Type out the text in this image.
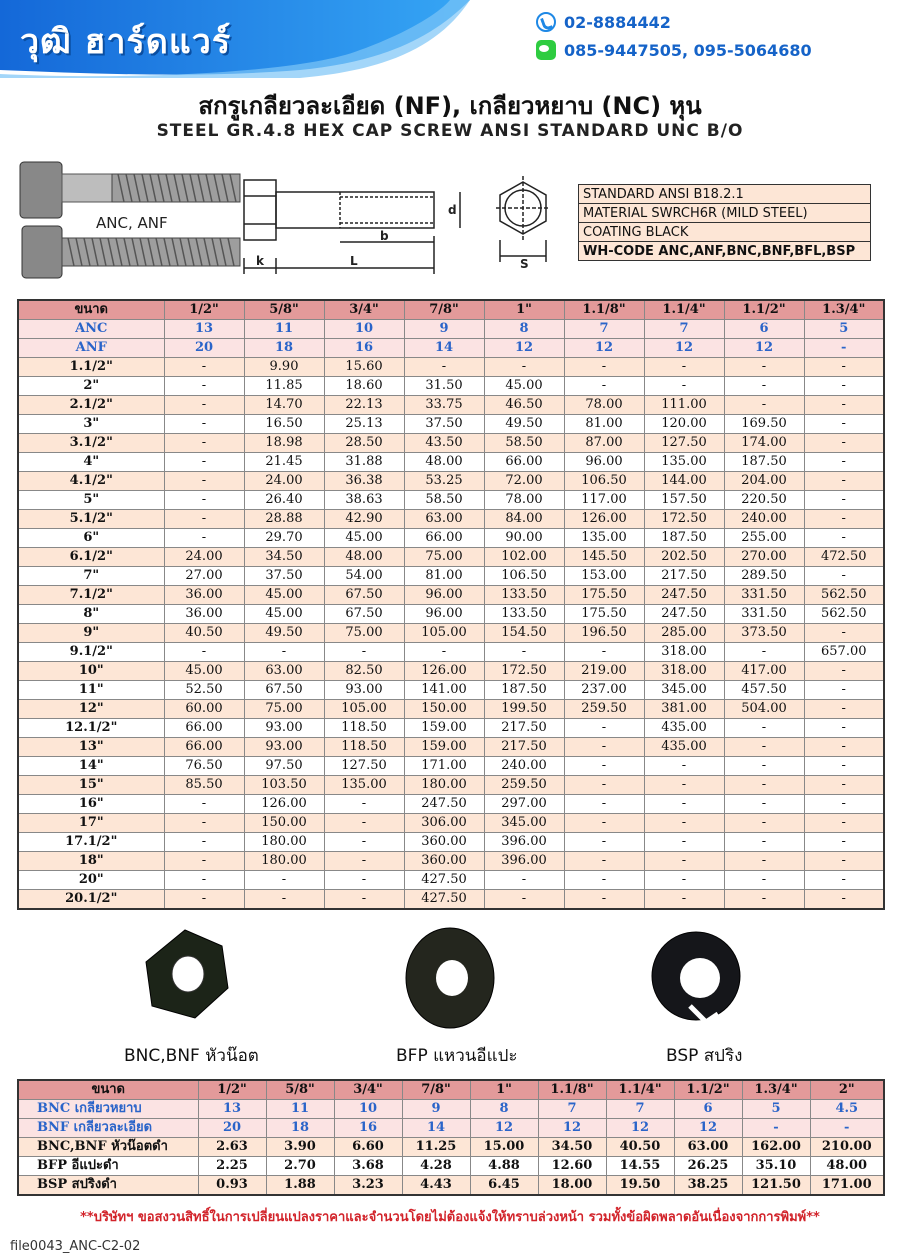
วุฒิ ฮาร์ดแวร์	02-8884442
085-9447505, 095-5064680
สกรูเกลียวละเอียด (NF), เกลียวหยาบ (NC) หุน
STEEL GR.4.8 HEX CAP SCREW ANSI STANDARD UNC B/O
b
L
k
d
S
ANC, ANF
STANDARD ANSI B18.2.1
MATERIAL SWRCH6R (MILD STEEL)
COATING BLACK
WH-CODE ANC,ANF,BNC,BNF,BFL,BSP
ขนาด	1/2"	5/8"	3/4"	7/8"	1"	1.1/8"	1.1/4"	1.1/2"	1.3/4"
ANC	13	11	10	9	8	7	7	6	5
ANF	20	18	16	14	12	12	12	12	-
1.1/2"	-	9.90	15.60	-	-	-	-	-	-
2"	-	11.85	18.60	31.50	45.00	-	-	-	-
2.1/2"	-	14.70	22.13	33.75	46.50	78.00	111.00	-	-
3"	-	16.50	25.13	37.50	49.50	81.00	120.00	169.50	-
3.1/2"	-	18.98	28.50	43.50	58.50	87.00	127.50	174.00	-
4"	-	21.45	31.88	48.00	66.00	96.00	135.00	187.50	-
4.1/2"	-	24.00	36.38	53.25	72.00	106.50	144.00	204.00	-
5"	-	26.40	38.63	58.50	78.00	117.00	157.50	220.50	-
5.1/2"	-	28.88	42.90	63.00	84.00	126.00	172.50	240.00	-
6"	-	29.70	45.00	66.00	90.00	135.00	187.50	255.00	-
6.1/2"	24.00	34.50	48.00	75.00	102.00	145.50	202.50	270.00	472.50
7"	27.00	37.50	54.00	81.00	106.50	153.00	217.50	289.50	-
7.1/2"	36.00	45.00	67.50	96.00	133.50	175.50	247.50	331.50	562.50
8"	36.00	45.00	67.50	96.00	133.50	175.50	247.50	331.50	562.50
9"	40.50	49.50	75.00	105.00	154.50	196.50	285.00	373.50	-
9.1/2"	-	-	-	-	-	-	318.00	-	657.00
10"	45.00	63.00	82.50	126.00	172.50	219.00	318.00	417.00	-
11"	52.50	67.50	93.00	141.00	187.50	237.00	345.00	457.50	-
12"	60.00	75.00	105.00	150.00	199.50	259.50	381.00	504.00	-
12.1/2"	66.00	93.00	118.50	159.00	217.50	-	435.00	-	-
13"	66.00	93.00	118.50	159.00	217.50	-	435.00	-	-
14"	76.50	97.50	127.50	171.00	240.00	-	-	-	-
15"	85.50	103.50	135.00	180.00	259.50	-	-	-	-
16"	-	126.00	-	247.50	297.00	-	-	-	-
17"	-	150.00	-	306.00	345.00	-	-	-	-
17.1/2"	-	180.00	-	360.00	396.00	-	-	-	-
18"	-	180.00	-	360.00	396.00	-	-	-	-
20"	-	-	-	427.50	-	-	-	-	-
20.1/2"	-	-	-	427.50	-	-	-	-	-
BNC,BNF หัวน๊อต	BFP แหวนอีแปะ	BSP สปริง
ขนาด	1/2"	5/8"	3/4"	7/8"	1"	1.1/8"	1.1/4"	1.1/2"	1.3/4"	2"
BNC เกลียวหยาบ	13	11	10	9	8	7	7	6	5	4.5
BNF เกลียวละเอียด	20	18	16	14	12	12	12	12	-	-
BNC,BNF หัวน๊อตดำ	2.63	3.90	6.60	11.25	15.00	34.50	40.50	63.00	162.00	210.00
BFP อีแปะดำ	2.25	2.70	3.68	4.28	4.88	12.60	14.55	26.25	35.10	48.00
BSP สปริงดำ	0.93	1.88	3.23	4.43	6.45	18.00	19.50	38.25	121.50	171.00
**บริษัทฯ ขอสงวนสิทธิ์ในการเปลี่ยนแปลงราคาและจำนวนโดยไม่ต้องแจ้งให้ทราบล่วงหน้า รวมทั้งข้อผิดพลาดอันเนื่องจากการพิมพ์**
file0043_ANC-C2-02
